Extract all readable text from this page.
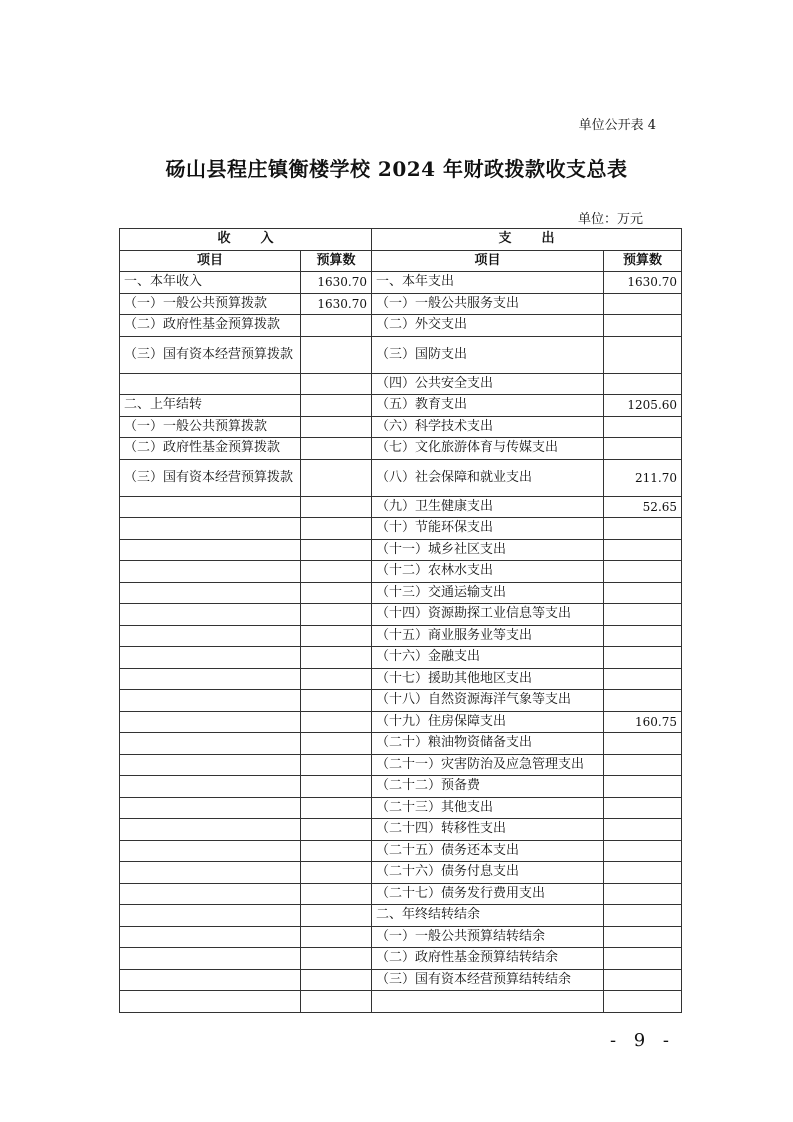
单位公开表 4
砀山县程庄镇衡楼学校 2024 年财政拨款收支总表
单位：万元
收入		支出	
项目	预算数	项目	预算数
一、本年收入	1630.70	一、本年支出	1630.70
（一）一般公共预算拨款	1630.70	（一）一般公共服务支出	
（二）政府性基金预算拨款		（二）外交支出	
（三）国有资本经营预算拨款		（三）国防支出	
		（四）公共安全支出	
二、上年结转		（五）教育支出	1205.60
（一）一般公共预算拨款		（六）科学技术支出	
（二）政府性基金预算拨款		（七）文化旅游体育与传媒支出	
（三）国有资本经营预算拨款		（八）社会保障和就业支出	211.70
		（九）卫生健康支出	52.65
		（十）节能环保支出	
		（十一）城乡社区支出	
		（十二）农林水支出	
		（十三）交通运输支出	
		（十四）资源勘探工业信息等支出	
		（十五）商业服务业等支出	
		（十六）金融支出	
		（十七）援助其他地区支出	
		（十八）自然资源海洋气象等支出	
		（十九）住房保障支出	160.75
		（二十）粮油物资储备支出	
		（二十一）灾害防治及应急管理支出	
		（二十二）预备费	
		（二十三）其他支出	
		（二十四）转移性支出	
		（二十五）债务还本支出	
		（二十六）债务付息支出	
		（二十七）债务发行费用支出	
		二、年终结转结余	
		（一）一般公共预算结转结余	
		（二）政府性基金预算结转结余	
		（三）国有资本经营预算结转结余	

- 9 -
